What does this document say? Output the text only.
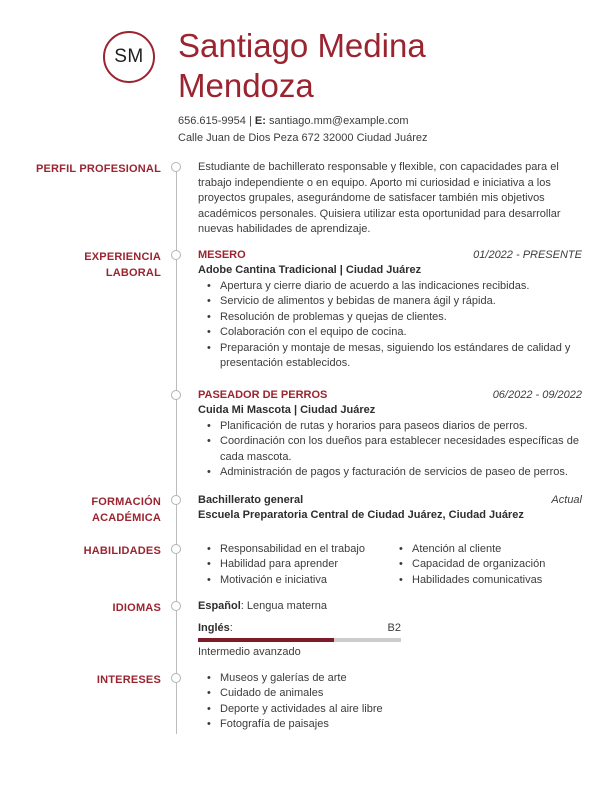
SM Santiago Medina Mendoza
656.615-9954 | E: santiago.mm@example.com
Calle Juan de Dios Peza 672 32000 Ciudad Juárez
PERFIL PROFESIONAL	Estudiante de bachillerato responsable y flexible, con capacidades para el trabajo independiente o en equipo. Aporto mi curiosidad e iniciativa a los proyectos grupales, asegurándome de satisfacer también mis objetivos académicos personales. Quisiera utilizar esta oportunidad para desarrollar nuevas habilidades de aprendizaje.
EXPERIENCIA
LABORAL
MESERO	01/2022 - PRESENTE
Adobe Cantina Tradicional | Ciudad Juárez
• Apertura y cierre diario de acuerdo a las indicaciones recibidas.
• Servicio de alimentos y bebidas de manera ágil y rápida.
• Resolución de problemas y quejas de clientes.
• Colaboración con el equipo de cocina.
• Preparación y montaje de mesas, siguiendo los estándares de calidad y presentación establecidos.
PASEADOR DE PERROS	06/2022 - 09/2022
Cuida Mi Mascota | Ciudad Juárez
• Planificación de rutas y horarios para paseos diarios de perros.
• Coordinación con los dueños para establecer necesidades específicas de cada mascota.
• Administración de pagos y facturación de servicios de paseo de perros.
FORMACIÓN
ACADÉMICA
Bachillerato general	Actual
Escuela Preparatoria Central de Ciudad Juárez, Ciudad Juárez
HABILIDADES	• Responsabilidad en el trabajo
• Habilidad para aprender
• Motivación e iniciativa
• Atención al cliente
• Capacidad de organización
• Habilidades comunicativas
IDIOMAS	Español: Lengua materna
Inglés:	B2
Intermedio avanzado
INTERESES	• Museos y galerías de arte
• Cuidado de animales
• Deporte y actividades al aire libre
• Fotografía de paisajes
